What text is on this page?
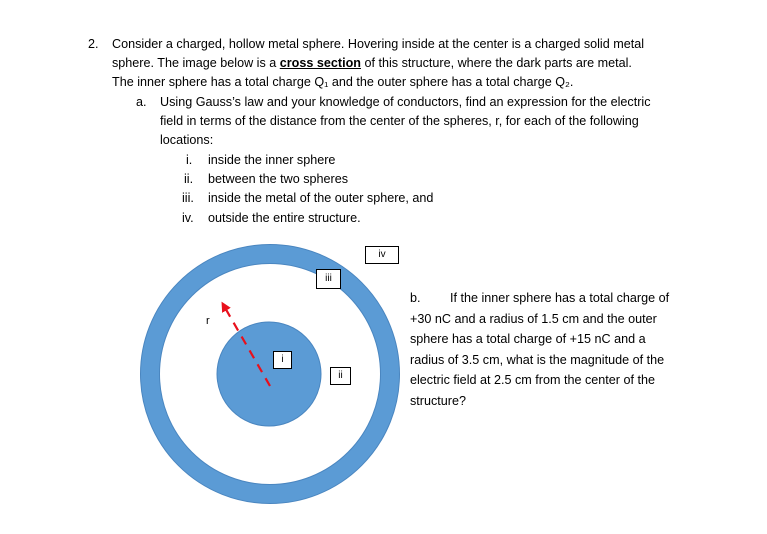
2. Consider a charged, hollow metal sphere. Hovering inside at the center is a charged solid metal
sphere. The image below is a cross section of this structure, where the dark parts are metal.
The inner sphere has a total charge Q₁ and the outer sphere has a total charge Q₂.
a. Using Gauss’s law and your knowledge of conductors, find an expression for the electric
field in terms of the distance from the center of the spheres, r, for each of the following
locations:
i. inside the inner sphere
ii. between the two spheres
iii. inside the metal of the outer sphere, and
iv. outside the entire structure.
iii
iv
i
ii
r
b. If the inner sphere has a total charge of
+30 nC and a radius of 1.5 cm and the outer
sphere has a total charge of +15 nC and a
radius of 3.5 cm, what is the magnitude of the
electric field at 2.5 cm from the center of the
structure?
